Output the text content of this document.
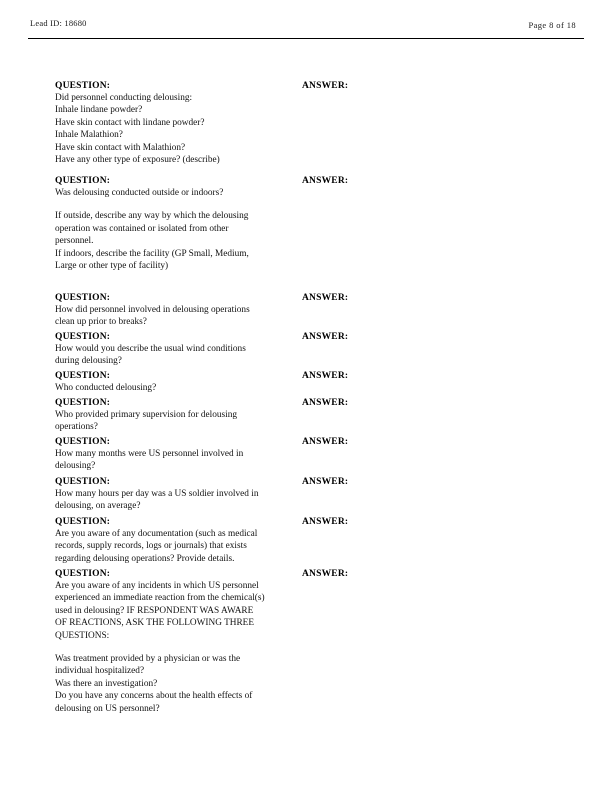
Lead ID: 18680	Page 8 of 18
QUESTION:

Did personnel conducting delousing:

Inhale lindane powder?

Have skin contact with lindane powder?

Inhale Malathion?

Have skin contact with Malathion?

Have any other type of exposure? (describe)

ANSWER:
QUESTION:

Was delousing conducted outside or indoors?

If outside, describe any way by which the delousing

operation was contained or isolated from other

personnel.

If indoors, describe the facility (GP Small, Medium,

Large or other type of facility)

ANSWER:
QUESTION:

How did personnel involved in delousing operations

clean up prior to breaks?

ANSWER:
QUESTION:

How would you describe the usual wind conditions

during delousing?

ANSWER:
QUESTION:

Who conducted delousing?

ANSWER:
QUESTION:

Who provided primary supervision for delousing

operations?

ANSWER:
QUESTION:

How many months were US personnel involved in

delousing?

ANSWER:
QUESTION:

How many hours per day was a US soldier involved in

delousing, on average?

ANSWER:
QUESTION:

Are you aware of any documentation (such as medical

records, supply records, logs or journals) that exists

regarding delousing operations? Provide details.

ANSWER:
QUESTION:

Are you aware of any incidents in which US personnel

experienced an immediate reaction from the chemical(s)

used in delousing? IF RESPONDENT WAS AWARE

OF REACTIONS, ASK THE FOLLOWING THREE

QUESTIONS:

Was treatment provided by a physician or was the

individual hospitalized?

Was there an investigation?

Do you have any concerns about the health effects of

delousing on US personnel?

ANSWER:
